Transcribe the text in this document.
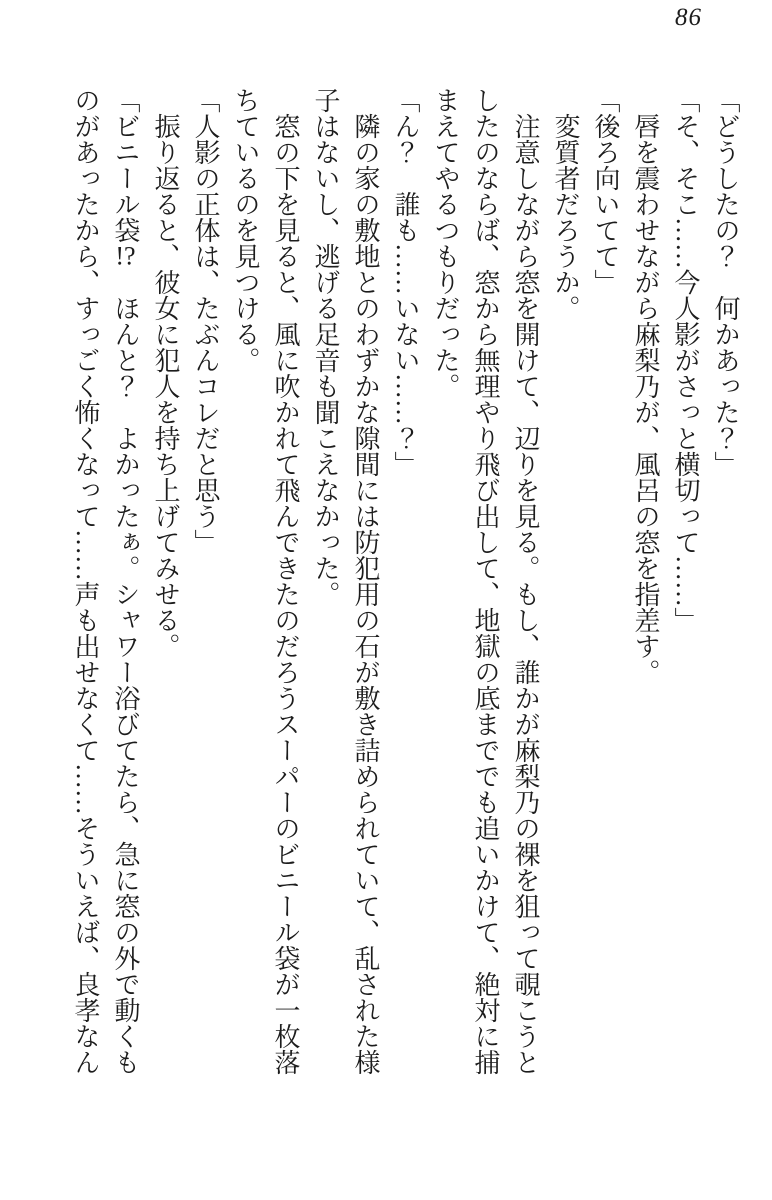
86

「どうしたの？　何かあった？」

「そ、そこ……今人影がさっと横切って……」

唇を震わせながら麻梨乃が、風呂の窓を指差す。

「後ろ向いてて」

変質者だろうか。

注意しながら窓を開けて、辺りを見る。もし、誰かが麻梨乃の裸を狙って覗こうと

したのならば、窓から無理やり飛び出して、地獄の底まででも追いかけて、絶対に捕

まえてやるつもりだった。

「ん？　誰も……いない……？」

隣の家の敷地とのわずかな隙間には防犯用の石が敷き詰められていて、乱された様

子はないし、逃げる足音も聞こえなかった。

窓の下を見ると、風に吹かれて飛んできたのだろうスーパーのビニール袋が一枚落

ちているのを見つける。

「人影の正体は、たぶんコレだと思う」

振り返ると、彼女に犯人を持ち上げてみせる。

「ビニール袋!?　ほんと？　よかったぁ。シャワー浴びてたら、急に窓の外で動くも

のがあったから、すっごく怖くなって……声も出せなくて……そういえば、良孝なん
